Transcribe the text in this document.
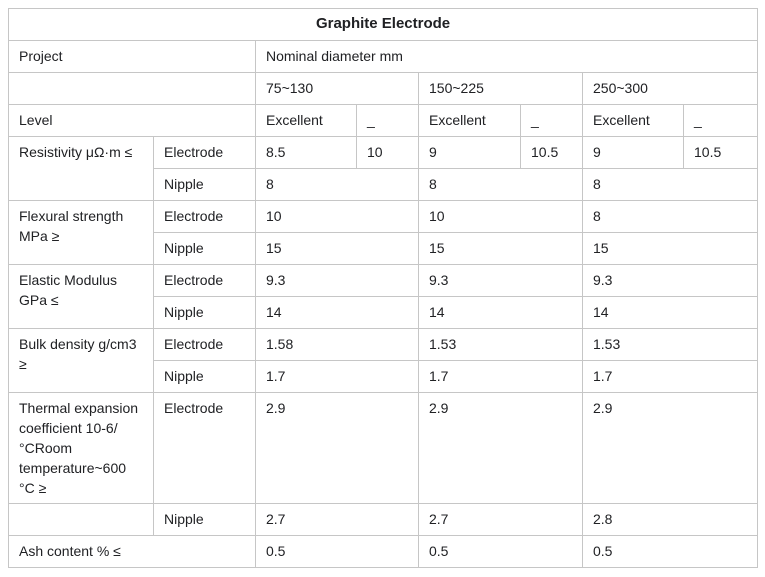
Graphite Electrode							
Project		Nominal diameter mm					
		75~130		150~225		250~300	
Level		Excellent	_	Excellent	_	Excellent	_
Resistivity μΩ·m ≤	Electrode	8.5	10	9	10.5	9	10.5
	Nipple	8		8		8	
Flexural strength MPa ≥	Electrode	10		10		8	
	Nipple	15		15		15	
Elastic Modulus GPa ≤	Electrode	9.3		9.3		9.3	
	Nipple	14		14		14	
Bulk density g/cm3 ≥	Electrode	1.58		1.53		1.53	
	Nipple	1.7		1.7		1.7	
Thermal expansion coefficient 10-6/°CRoom temperature~600 °C ≥	Electrode	2.9		2.9		2.9	
	Nipple	2.7		2.7		2.8	
Ash content % ≤		0.5		0.5		0.5	
